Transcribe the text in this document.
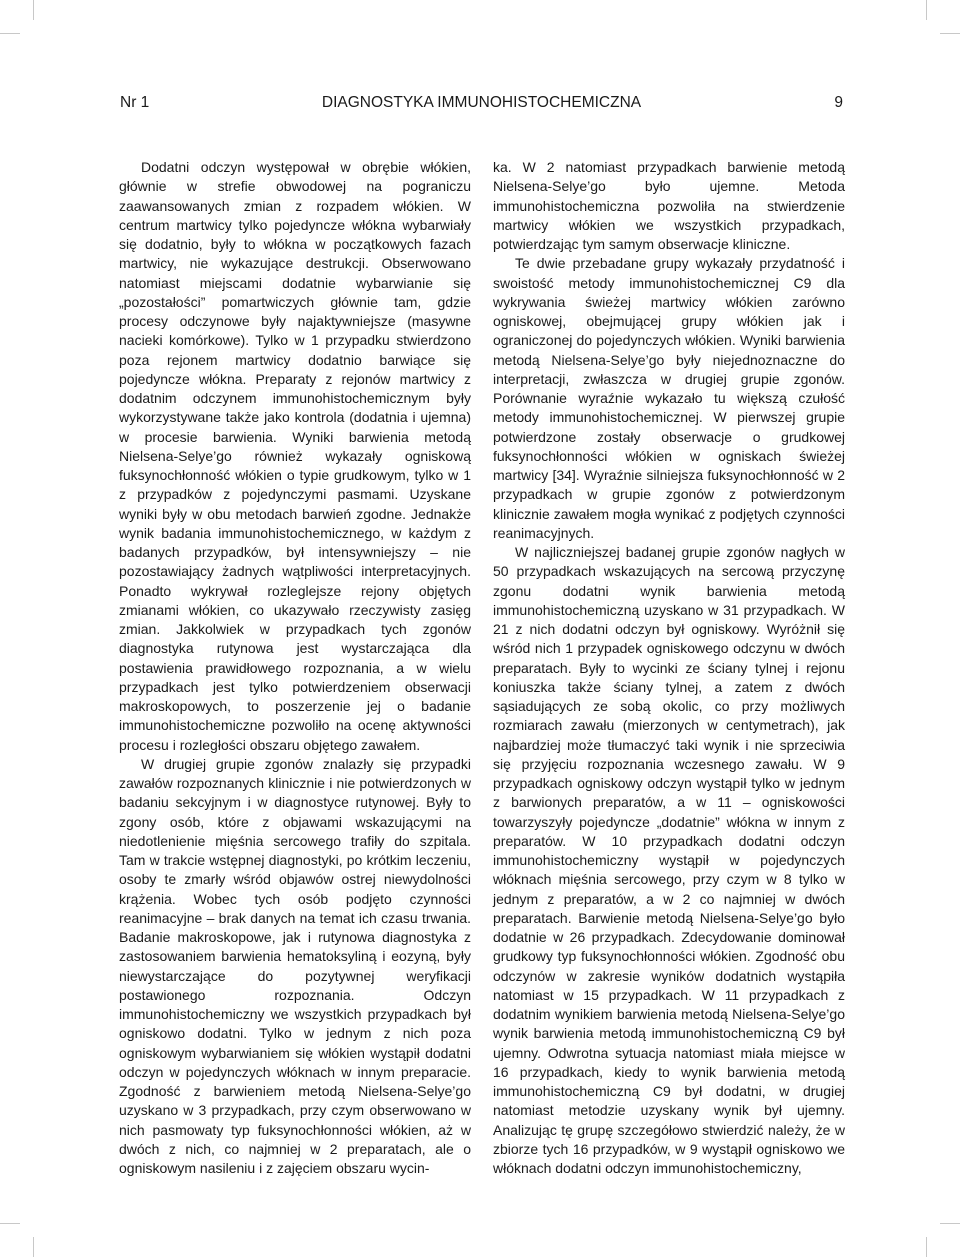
Nr 1	DIAGNOSTYKA IMMUNOHISTOCHEMICZNA	9

Dodatni odczyn występował w obrębie włókien, głównie w strefie obwodowej na pograniczu zaawansowanych zmian z rozpadem włókien. W centrum martwicy tylko pojedyncze włókna wybarwiały się dodatnio, były to włókna w początkowych fazach martwicy, nie wykazujące destrukcji. Obserwowano natomiast miejscami dodatnie wybarwianie się „pozostałości” pomartwiczych głównie tam, gdzie procesy odczynowe były najaktywniejsze (masywne nacieki komórkowe). Tylko w 1 przypadku stwierdzono poza rejonem martwicy dodatnio barwiące się pojedyncze włókna. Preparaty z rejonów martwicy z dodatnim odczynem immunohistochemicznym były wykorzystywane także jako kontrola (dodatnia i ujemna) w procesie barwienia. Wyniki barwienia metodą Nielsena-Selye’go również wykazały ogniskową fuksynochłonność włókien o typie grudkowym, tylko w 1 z przypadków z pojedynczymi pasmami. Uzyskane wyniki były w obu metodach barwień zgodne. Jednakże wynik badania immunohistochemicznego, w każdym z badanych przypadków, był intensywniejszy – nie pozostawiający żadnych wątpliwości interpretacyjnych. Ponadto wykrywał rozleglejsze rejony objętych zmianami włókien, co ukazywało rzeczywisty zasięg zmian. Jakkolwiek w przypadkach tych zgonów diagnostyka rutynowa jest wystarczająca dla postawienia prawidłowego rozpoznania, a w wielu przypadkach jest tylko potwierdzeniem obserwacji makroskopowych, to poszerzenie jej o badanie immunohistochemiczne pozwoliło na ocenę aktywności procesu i rozległości obszaru objętego zawałem.

W drugiej grupie zgonów znalazły się przypadki zawałów rozpoznanych klinicznie i nie potwierdzonych w badaniu sekcyjnym i w diagnostyce rutynowej. Były to zgony osób, które z objawami wskazującymi na niedotlenienie mięśnia sercowego trafiły do szpitala. Tam w trakcie wstępnej diagnostyki, po krótkim leczeniu, osoby te zmarły wśród objawów ostrej niewydolności krążenia. Wobec tych osób podjęto czynności reanimacyjne – brak danych na temat ich czasu trwania. Badanie makroskopowe, jak i rutynowa diagnostyka z zastosowaniem barwienia hematoksyliną i eozyną, były niewystarczające do pozytywnej weryfikacji postawionego rozpoznania. Odczyn immunohistochemiczny we wszystkich przypadkach był ogniskowo dodatni. Tylko w jednym z nich poza ogniskowym wybarwianiem się włókien wystąpił dodatni odczyn w pojedynczych włóknach w innym preparacie. Zgodność z barwieniem metodą Nielsena-Selye’go uzyskano w 3 przypadkach, przy czym obserwowano w nich pasmowaty typ fuksynochłonności włókien, aż w dwóch z nich, co najmniej w 2 preparatach, ale o ogniskowym nasileniu i z zajęciem obszaru wycin-

ka. W 2 natomiast przypadkach barwienie metodą Nielsena-Selye’go było ujemne. Metoda immunohistochemiczna pozwoliła na stwierdzenie martwicy włókien we wszystkich przypadkach, potwierdzając tym samym obserwacje kliniczne.

Te dwie przebadane grupy wykazały przydatność i swoistość metody immunohistochemicznej C9 dla wykrywania świeżej martwicy włókien zarówno ogniskowej, obejmującej grupy włókien jak i ograniczonej do pojedynczych włókien. Wyniki barwienia metodą Nielsena-Selye’go były niejednoznaczne do interpretacji, zwłaszcza w drugiej grupie zgonów. Porównanie wyraźnie wykazało tu większą czułość metody immunohistochemicznej. W pierwszej grupie potwierdzone zostały obserwacje o grudkowej fuksynochłonności włókien w ogniskach świeżej martwicy [34]. Wyraźnie silniejsza fuksynochłonność w 2 przypadkach w grupie zgonów z potwierdzonym klinicznie zawałem mogła wynikać z podjętych czynności reanimacyjnych.

W najliczniejszej badanej grupie zgonów nagłych w 50 przypadkach wskazujących na sercową przyczynę zgonu dodatni wynik barwienia metodą immunohistochemiczną uzyskano w 31 przypadkach. W 21 z nich dodatni odczyn był ogniskowy. Wyróżnił się wśród nich 1 przypadek ogniskowego odczynu w dwóch preparatach. Były to wycinki ze ściany tylnej i rejonu koniuszka także ściany tylnej, a zatem z dwóch sąsiadujących ze sobą okolic, co przy możliwych rozmiarach zawału (mierzonych w centymetrach), jak najbardziej może tłumaczyć taki wynik i nie sprzeciwia się przyjęciu rozpoznania wczesnego zawału. W 9 przypadkach ogniskowy odczyn wystąpił tylko w jednym z barwionych preparatów, a w 11 – ogniskowości towarzyszyły pojedyncze „dodatnie” włókna w innym z preparatów. W 10 przypadkach dodatni odczyn immunohistochemiczny wystąpił w pojedynczych włóknach mięśnia sercowego, przy czym w 8 tylko w jednym z preparatów, a w 2 co najmniej w dwóch preparatach. Barwienie metodą Nielsena-Selye’go było dodatnie w 26 przypadkach. Zdecydowanie dominował grudkowy typ fuksynochłonności włókien. Zgodność obu odczynów w zakresie wyników dodatnich wystąpiła natomiast w 15 przypadkach. W 11 przypadkach z dodatnim wynikiem barwienia metodą Nielsena-Selye’go wynik barwienia metodą immunohistochemiczną C9 był ujemny. Odwrotna sytuacja natomiast miała miejsce w 16 przypadkach, kiedy to wynik barwienia metodą immunohistochemiczną C9 był dodatni, w drugiej natomiast metodzie uzyskany wynik był ujemny. Analizując tę grupę szczegółowo stwierdzić należy, że w zbiorze tych 16 przypadków, w 9 wystąpił ogniskowo we włóknach dodatni odczyn immunohistochemiczny,
